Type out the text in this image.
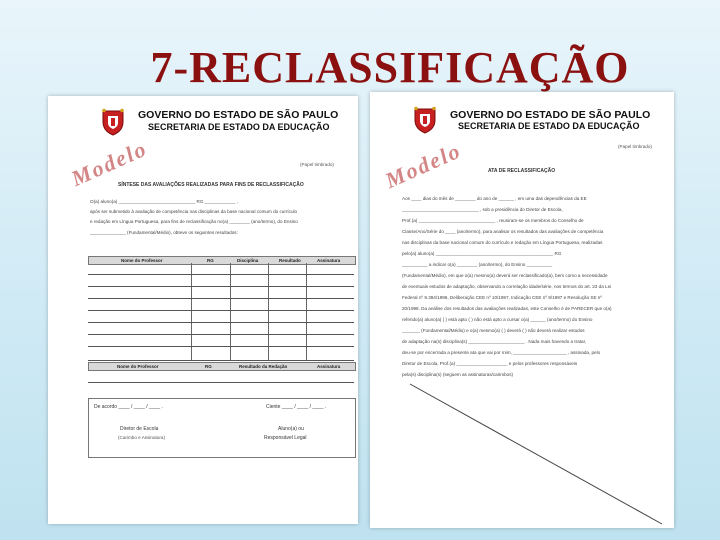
7-RECLASSIFICAÇÃO
GOVERNO DO ESTADO DE SÃO PAULO
SECRETARIA DE ESTADO DA EDUCAÇÃO
Modelo	(Papel timbrado)
SÍNTESE DAS AVALIAÇÕES REALIZADAS PARA FINS DE RECLASSIFICAÇÃO
O(a) aluno(a) ______________________________ RG ____________ ,
após ser submetido à avaliação de competência nas disciplinas da base nacional comum do currículo
e redação em Língua Portuguesa, para fins de reclassificação no(a) ________ (ano/termo), do Ensino
______________ (Fundamental/Médio), obteve os seguintes resultados:
Nome do Professor	RG	Disciplina	Resultado	Assinatura
Nome do Professor	RG	Resultado da Redação	Assinatura
De acordo ____ / ____ / ____ .	Ciente ____ / ____ / ____ .
Diretor de Escola
(Carimbo e Assinatura)
Aluno(a) ou
Responsável Legal
GOVERNO DO ESTADO DE SÃO PAULO
SECRETARIA DE ESTADO DA EDUCAÇÃO
Modelo	(Papel timbrado)
ATA DE RECLASSIFICAÇÃO
Aos ____ dias do mês de ________ do ano de ______ , em uma das dependências da EE
______________________________ , sob a presidência do Diretor de Escola,
Prof.(a) ______________________________ , reuniram-se os membros do Conselho de
Classe/Ano/Série do ____ (ano/termo), para analisar os resultados das avaliações de competência
nas disciplinas da base nacional comum do currículo e redação em Língua Portuguesa, realizadas
pelo(a) aluno(a) ______________________________________________ RG
__________ a indicar o(a) ________ (ano/termo), do Ensino __________
(Fundamental/Médio), em que o(a) mesmo(a) deverá ser reclassificado(a), bem como a necessidade
de eventuais estudos de adaptação, observando a correlação idade/série, nos termos do art. 23 da Lei
Federal nº 9.394/1996, Deliberação CEE nº 10/1997, Indicação CEE nº 9/1997 e Resolução SE nº
20/1998. Da análise dos resultados das avaliações realizadas, este Conselho é de PARECER que o(a)
referido(a) aluno(a) ( ) está apto ( ) não está apto a cursar o(a) ______ (ano/termo) do Ensino
_______ (Fundamental/Médio) e o(a) mesmo(a) ( ) deverá ( ) não deverá realizar estudos
de adaptação na(s) disciplina(s) ______________________ . Nada mais havendo a tratar,
deu-se por encerrada a presente ata que vai por mim, _____________________ , assinada, pelo
Diretor de Escola, Prof.(a) ____________________ e pelos professores responsáveis
pela(s) disciplina(s) (seguem as assinaturas/carimbos)
